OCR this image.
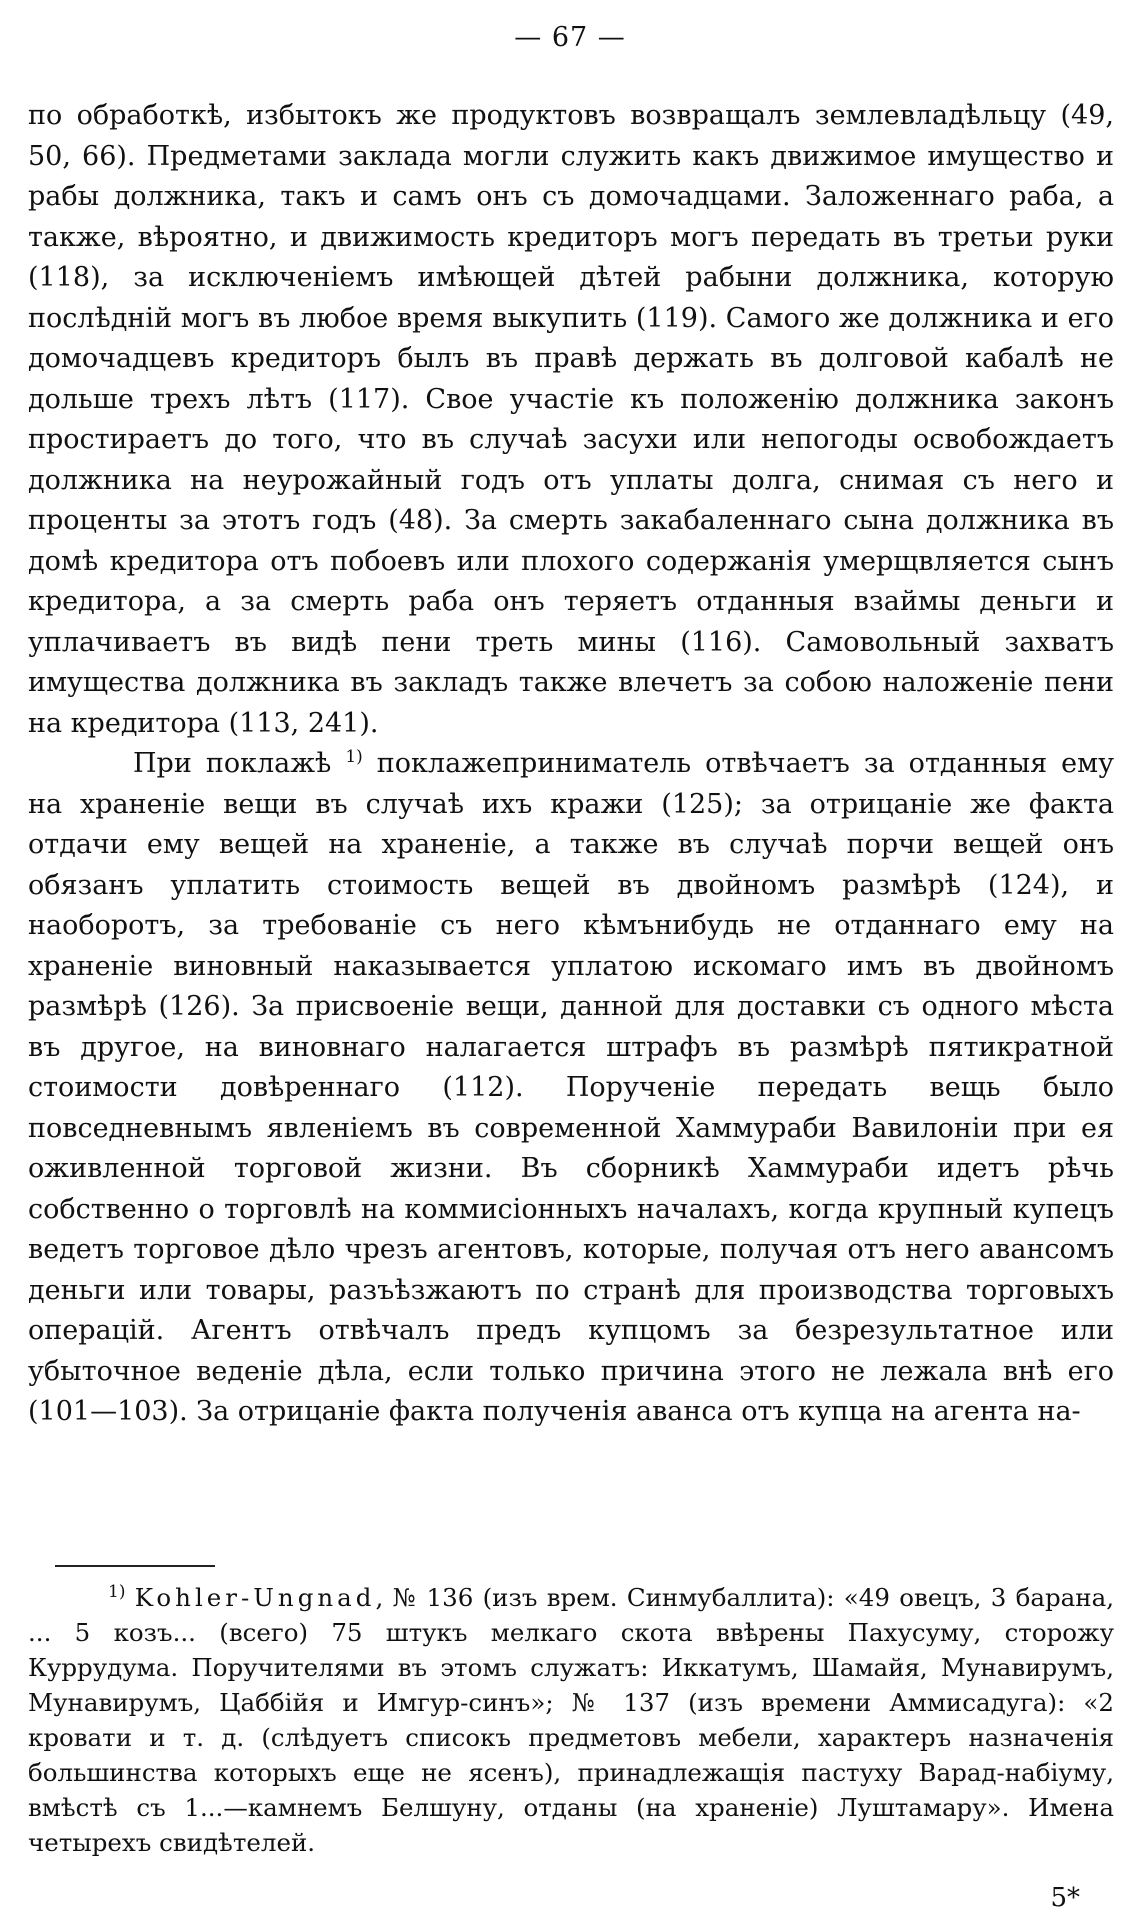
— 67 —

по обработкѣ, избытокъ же продуктовъ возвращалъ землевладѣльцу (49, 50, 66). Предметами заклада могли служить какъ движимое имущество и рабы должника, такъ и самъ онъ съ домочадцами. Заложеннаго раба, а также, вѣроятно, и движимость кредиторъ могъ передать въ третьи руки (118), за исключеніемъ имѣющей дѣтей рабыни должника, которую послѣдній могъ въ любое время выкупить (119). Самого же должника и его домочадцевъ кредиторъ былъ въ правѣ держать въ долговой кабалѣ не дольше трехъ лѣтъ (117). Свое участіе къ положенію должника законъ простираетъ до того, что въ случаѣ засухи или непогоды освобождаетъ должника на неурожайный годъ отъ уплаты долга, снимая съ него и проценты за этотъ годъ (48). За смерть закабаленнаго сына должника въ домѣ кредитора отъ побоевъ или плохого содержанія умерщвляется сынъ кредитора, а за смерть раба онъ теряетъ отданныя взаймы деньги и уплачиваетъ въ видѣ пени треть мины (116). Самовольный захватъ имущества должника въ закладъ также влечетъ за собою наложеніе пени на кредитора (113, 241).

При поклажѣ $^{1)}$ поклажеприниматель отвѣчаетъ за отданныя ему на храненіе вещи въ случаѣ ихъ кражи (125); за отрицаніе же факта отдачи ему вещей на храненіе, а также въ случаѣ порчи вещей онъ обязанъ уплатить стоимость вещей въ двойномъ размѣрѣ (124), и наоборотъ, за требованіе съ него кѣмънибудь не отданнаго ему на храненіе виновный наказывается уплатою искомаго имъ въ двойномъ размѣрѣ (126). За присвоеніе вещи, данной для доставки съ одного мѣста въ другое, на виновнаго налагается штрафъ въ размѣрѣ пятикратной стоимости довѣреннаго (112). Порученіе передать вещь было повседневнымъ явленіемъ въ современной Хаммураби Вавилоніи при ея оживленной торговой жизни. Въ сборникѣ Хаммураби идетъ рѣчь собственно о торговлѣ на коммисіонныхъ началахъ, когда крупный купецъ ведетъ торговое дѣло чрезъ агентовъ, которые, получая отъ него авансомъ деньги или товары, разъѣзжаютъ по странѣ для производства торговыхъ операцій. Агентъ отвѣчалъ предъ купцомъ за безрезультатное или убыточное веденіе дѣла, если только причина этого не лежала внѣ его (101—103). За отрицаніе факта полученія аванса отъ купца на агента на-

$^{1)}$ Kohler-Ungnad, № 136 (изъ врем. Синмубаллита): «49 овецъ, 3 барана, ... 5 козъ... (всего) 75 штукъ мелкаго скота ввѣрены Пахусуму, сторожу Куррудума. Поручителями въ этомъ служатъ: Иккатумъ, Шамайя, Мунавирумъ, Мунавирумъ, Цаббійя и Имгур-синъ»; № 137 (изъ времени Аммисадуга): «2 кровати и т. д. (слѣдуетъ списокъ предметовъ мебели, характеръ назначенія большинства которыхъ еще не ясенъ), принадлежащія пастуху Варад-набіуму, вмѣстѣ съ 1...—камнемъ Белшуну, отданы (на храненіе) Луштамару». Имена четырехъ свидѣтелей.
5*
